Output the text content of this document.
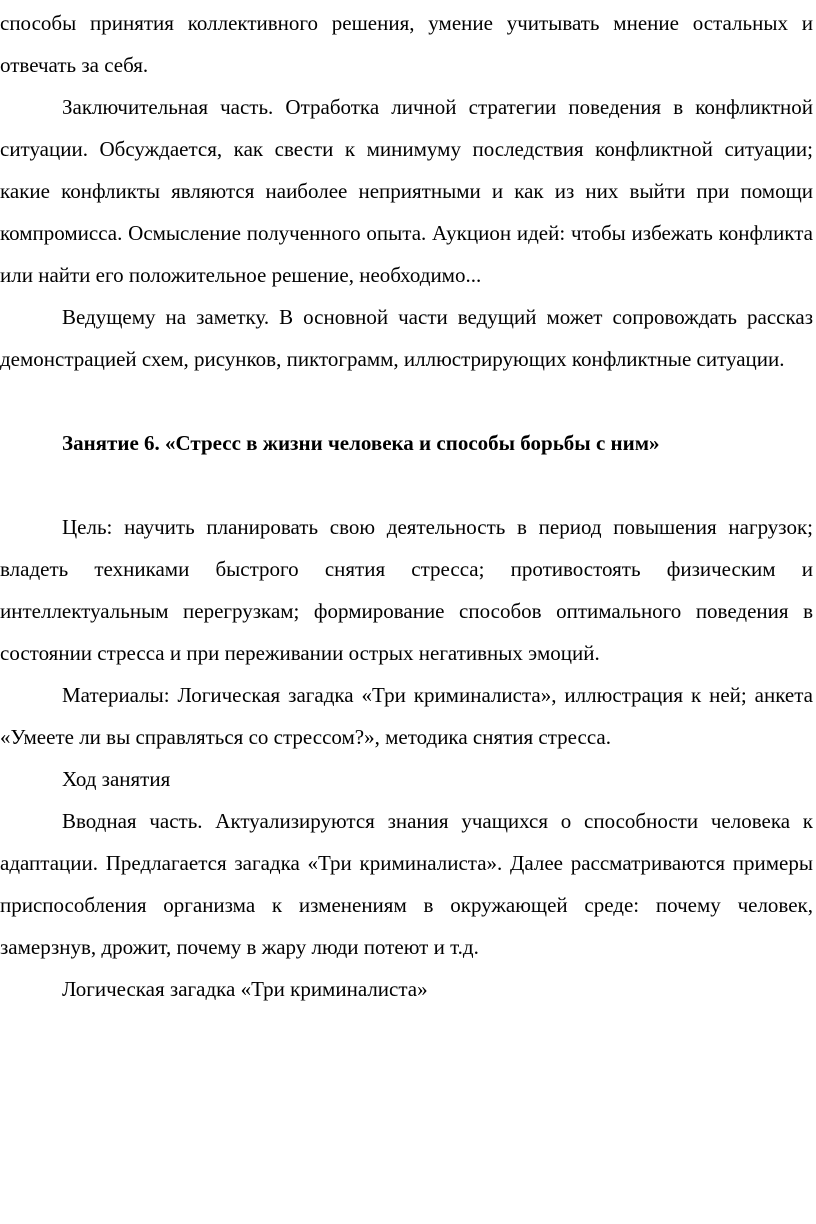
способы принятия коллективного решения, умение учитывать мнение остальных и отвечать за себя.

Заключительная часть. Отработка личной стратегии поведения в конфликтной ситуации. Обсуждается, как свести к минимуму последствия конфликтной ситуации; какие конфликты являются наиболее неприятными и как из них выйти при помощи компромисса. Осмысление полученного опыта. Аукцион идей: чтобы избежать конфликта или найти его положительное решение, необходимо...

Ведущему на заметку. В основной части ведущий может сопровождать рассказ демонстрацией схем, рисунков, пиктограмм, иллюстрирующих конфликтные ситуации.

Занятие 6. «Стресс в жизни человека и способы борьбы с ним»

Цель: научить планировать свою деятельность в период повышения нагрузок; владеть техниками быстрого снятия стресса; противостоять физическим и интеллектуальным перегрузкам; формирование способов оптимального поведения в состоянии стресса и при переживании острых негативных эмоций.

Материалы: Логическая загадка «Три криминалиста», иллюстрация к ней; анкета «Умеете ли вы справляться со стрессом?», методика снятия стресса.

Ход занятия

Вводная часть. Актуализируются знания учащихся о способности человека к адаптации. Предлагается загадка «Три криминалиста». Далее рассматриваются примеры приспособления организма к изменениям в окружающей среде: почему человек, замерзнув, дрожит, почему в жару люди потеют и т.д.

Логическая загадка «Три криминалиста»
